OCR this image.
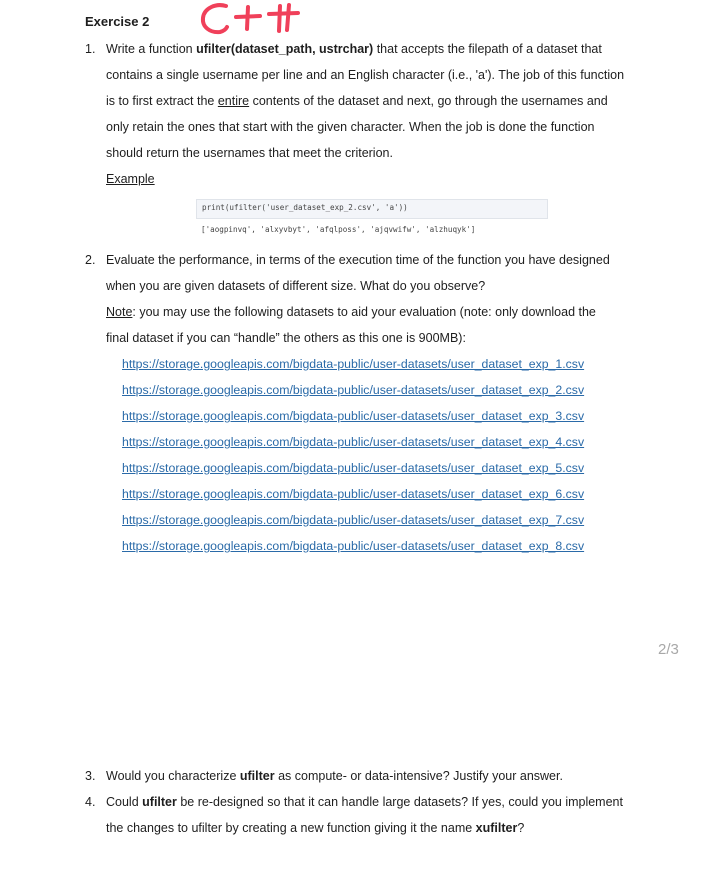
Exercise 2
1. Write a function ufilter(dataset_path, ustrchar) that accepts the filepath of a dataset that
contains a single username per line and an English character (i.e., 'a'). The job of this function
is to first extract the entire contents of the dataset and next, go through the usernames and
only retain the ones that start with the given character. When the job is done the function
should return the usernames that meet the criterion.
Example
print(ufilter('user_dataset_exp_2.csv', 'a'))
['aogpinvq', 'alxyvbyt', 'afqlposs', 'ajqvwifw', 'alzhuqyk']
2. Evaluate the performance, in terms of the execution time of the function you have designed
when you are given datasets of different size. What do you observe?
Note: you may use the following datasets to aid your evaluation (note: only download the
final dataset if you can “handle” the others as this one is 900MB):
https://storage.googleapis.com/bigdata-public/user-datasets/user_dataset_exp_1.csv
https://storage.googleapis.com/bigdata-public/user-datasets/user_dataset_exp_2.csv
https://storage.googleapis.com/bigdata-public/user-datasets/user_dataset_exp_3.csv
https://storage.googleapis.com/bigdata-public/user-datasets/user_dataset_exp_4.csv
https://storage.googleapis.com/bigdata-public/user-datasets/user_dataset_exp_5.csv
https://storage.googleapis.com/bigdata-public/user-datasets/user_dataset_exp_6.csv
https://storage.googleapis.com/bigdata-public/user-datasets/user_dataset_exp_7.csv
https://storage.googleapis.com/bigdata-public/user-datasets/user_dataset_exp_8.csv
2/3
3. Would you characterize ufilter as compute- or data-intensive? Justify your answer.
4. Could ufilter be re-designed so that it can handle large datasets? If yes, could you implement
the changes to ufilter by creating a new function giving it the name xufilter?
